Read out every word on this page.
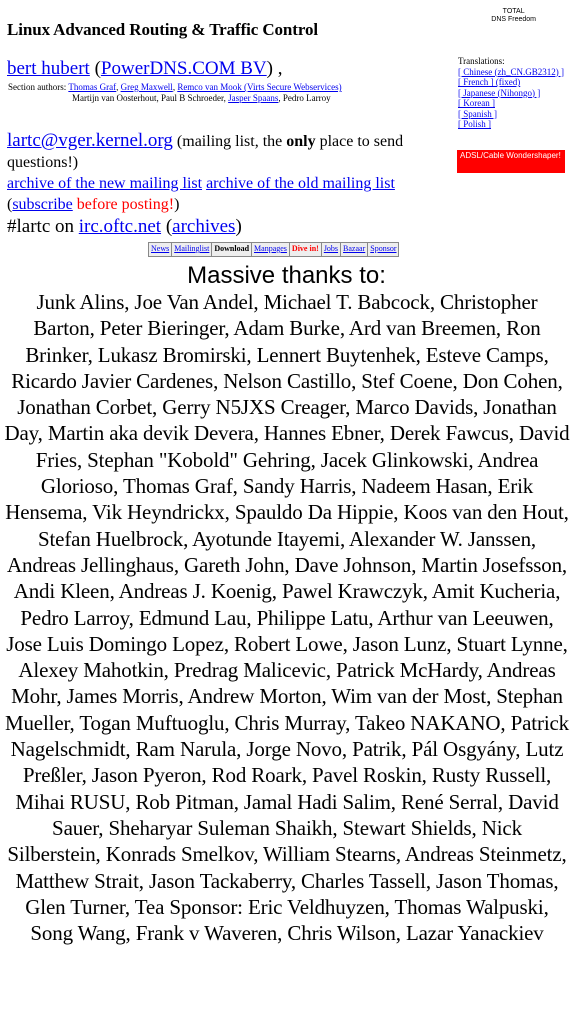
TOTAL
DNS Freedom
Linux Advanced Routing & Traffic Control
bert hubert (PowerDNS.COM BV) ,
Section authors: Thomas Graf, Greg Maxwell, Remco van Mook (Virts Secure Webservices)
Martijn van Oosterhout, Paul B Schroeder, Jasper Spaans, Pedro Larroy
Translations:
[ Chinese (zh_CN.GB2312) ]
[ French ] (fixed)
[ Japanese (Nihongo) ]
[ Korean ]
[ Spanish ]
[ Polish ]
ADSL/Cable Wondershaper!
lartc@vger.kernel.org (mailing list, the only place to send questions!)
archive of the new mailing list archive of the old mailing list
(subscribe before posting!)
#lartc on irc.oftc.net (archives)
News Mailinglist Download Manpages Dive in! Jobs Bazaar Sponsor
Massive thanks to:
Junk Alins, Joe Van Andel, Michael T. Babcock, Christopher Barton, Peter Bieringer, Adam Burke, Ard van Breemen, Ron Brinker, Lukasz Bromirski, Lennert Buytenhek, Esteve Camps, Ricardo Javier Cardenes, Nelson Castillo, Stef Coene, Don Cohen, Jonathan Corbet, Gerry N5JXS Creager, Marco Davids, Jonathan Day, Martin aka devik Devera, Hannes Ebner, Derek Fawcus, David Fries, Stephan "Kobold" Gehring, Jacek Glinkowski, Andrea Glorioso, Thomas Graf, Sandy Harris, Nadeem Hasan, Erik Hensema, Vik Heyndrickx, Spauldo Da Hippie, Koos van den Hout, Stefan Huelbrock, Ayotunde Itayemi, Alexander W. Janssen, Andreas Jellinghaus, Gareth John, Dave Johnson, Martin Josefsson, Andi Kleen, Andreas J. Koenig, Pawel Krawczyk, Amit Kucheria, Pedro Larroy, Edmund Lau, Philippe Latu, Arthur van Leeuwen, Jose Luis Domingo Lopez, Robert Lowe, Jason Lunz, Stuart Lynne, Alexey Mahotkin, Predrag Malicevic, Patrick McHardy, Andreas Mohr, James Morris, Andrew Morton, Wim van der Most, Stephan Mueller, Togan Muftuoglu, Chris Murray, Takeo NAKANO, Patrick Nagelschmidt, Ram Narula, Jorge Novo, Patrik, Pál Osgyány, Lutz Preßler, Jason Pyeron, Rod Roark, Pavel Roskin, Rusty Russell, Mihai RUSU, Rob Pitman, Jamal Hadi Salim, René Serral, David Sauer, Sheharyar Suleman Shaikh, Stewart Shields, Nick Silberstein, Konrads Smelkov, William Stearns, Andreas Steinmetz, Matthew Strait, Jason Tackaberry, Charles Tassell, Jason Thomas, Glen Turner, Tea Sponsor: Eric Veldhuyzen, Thomas Walpuski, Song Wang, Frank v Waveren, Chris Wilson, Lazar Yanackiev
